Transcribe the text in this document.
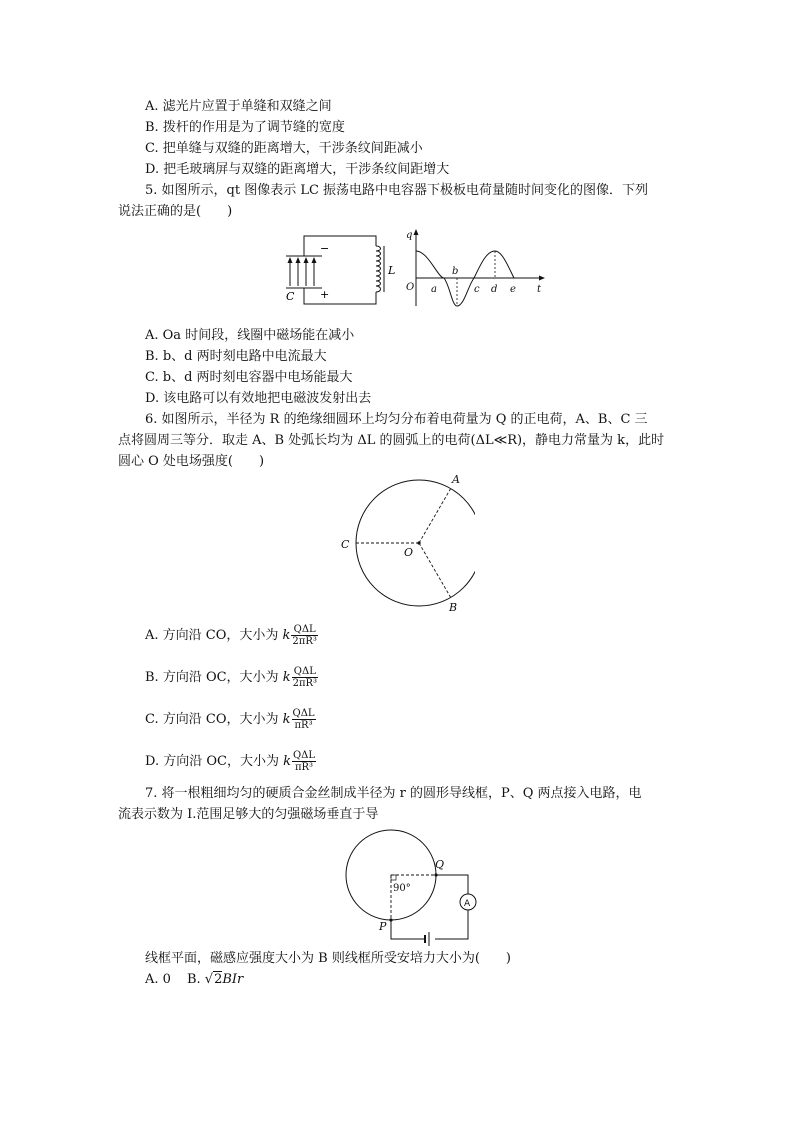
A. 滤光片应置于单缝和双缝之间
B. 拨杆的作用是为了调节缝的宽度
C. 把单缝与双缝的距离增大，干涉条纹间距减小
D. 把毛玻璃屏与双缝的距离增大，干涉条纹间距增大
5. 如图所示，qt 图像表示 LC 振荡电路中电容器下极板电荷量随时间变化的图像．下列
说法正确的是(　　)
L
C
−
+
q
t
O a
b
c d e
A. Oa 时间段，线圈中磁场能在减小
B. b、d 两时刻电路中电流最大
C. b、d 两时刻电容器中电场能最大
D. 该电路可以有效地把电磁波发射出去
6. 如图所示，半径为 R 的绝缘细圆环上均匀分布着电荷量为 Q 的正电荷，A、B、C 三
点将圆周三等分．取走 A、B 处弧长均为 ΔL 的圆弧上的电荷(ΔL≪R)，静电力常量为 k，此时
圆心 O 处电场强度(　　)
A
B
C
O
A. 方向沿 CO，大小为 k $\frac{\text{QΔL}}{\text{2πR³}}$
B. 方向沿 OC，大小为 k $\frac{\text{QΔL}}{\text{2πR³}}$
C. 方向沿 CO，大小为 k $\frac{\text{QΔL}}{\text{πR³}}$
D. 方向沿 OC，大小为 k $\frac{\text{QΔL}}{\text{πR³}}$
7. 将一根粗细均匀的硬质合金丝制成半径为 r 的圆形导线框，P、Q 两点接入电路，电
流表示数为 I.范围足够大的匀强磁场垂直于导
Q
P
90°
A
线框平面，磁感应强度大小为 B 则线框所受安培力大小为(　　)
A. 0 B. √2BIr
